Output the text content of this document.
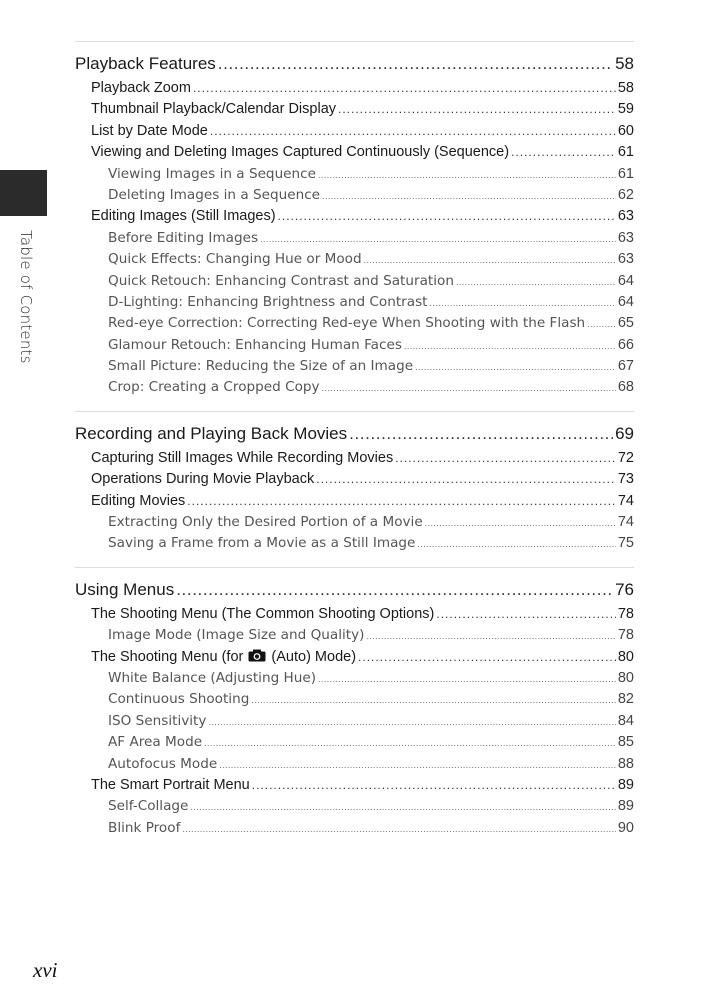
Table of Contents
Playback Features .....	58
Playback Zoom .....	58
Thumbnail Playback/Calendar Display .....	59
List by Date Mode .....	60
Viewing and Deleting Images Captured Continuously (Sequence) .....	61
Viewing Images in a Sequence .....	61
Deleting Images in a Sequence .....	62
Editing Images (Still Images) .....	63
Before Editing Images .....	63
Quick Effects: Changing Hue or Mood .....	63
Quick Retouch: Enhancing Contrast and Saturation .....	64
D-Lighting: Enhancing Brightness and Contrast .....	64
Red-eye Correction: Correcting Red-eye When Shooting with the Flash ..... 65
Glamour Retouch: Enhancing Human Faces .....	66
Small Picture: Reducing the Size of an Image .....	67
Crop: Creating a Cropped Copy .....	68
Recording and Playing Back Movies .....	69
Capturing Still Images While Recording Movies .....	72
Operations During Movie Playback .....	73
Editing Movies .....	74
Extracting Only the Desired Portion of a Movie .....	74
Saving a Frame from a Movie as a Still Image .....	75
Using Menus .....	76
The Shooting Menu (The Common Shooting Options) .....	78
Image Mode (Image Size and Quality) .....	78
The Shooting Menu (for (Auto) Mode) .....	80
White Balance (Adjusting Hue) .....	80
Continuous Shooting .....	82
ISO Sensitivity .....	84
AF Area Mode .....	85
Autofocus Mode .....	88
The Smart Portrait Menu .....	89
Self-Collage .....	89
Blink Proof .....	90
xvi
